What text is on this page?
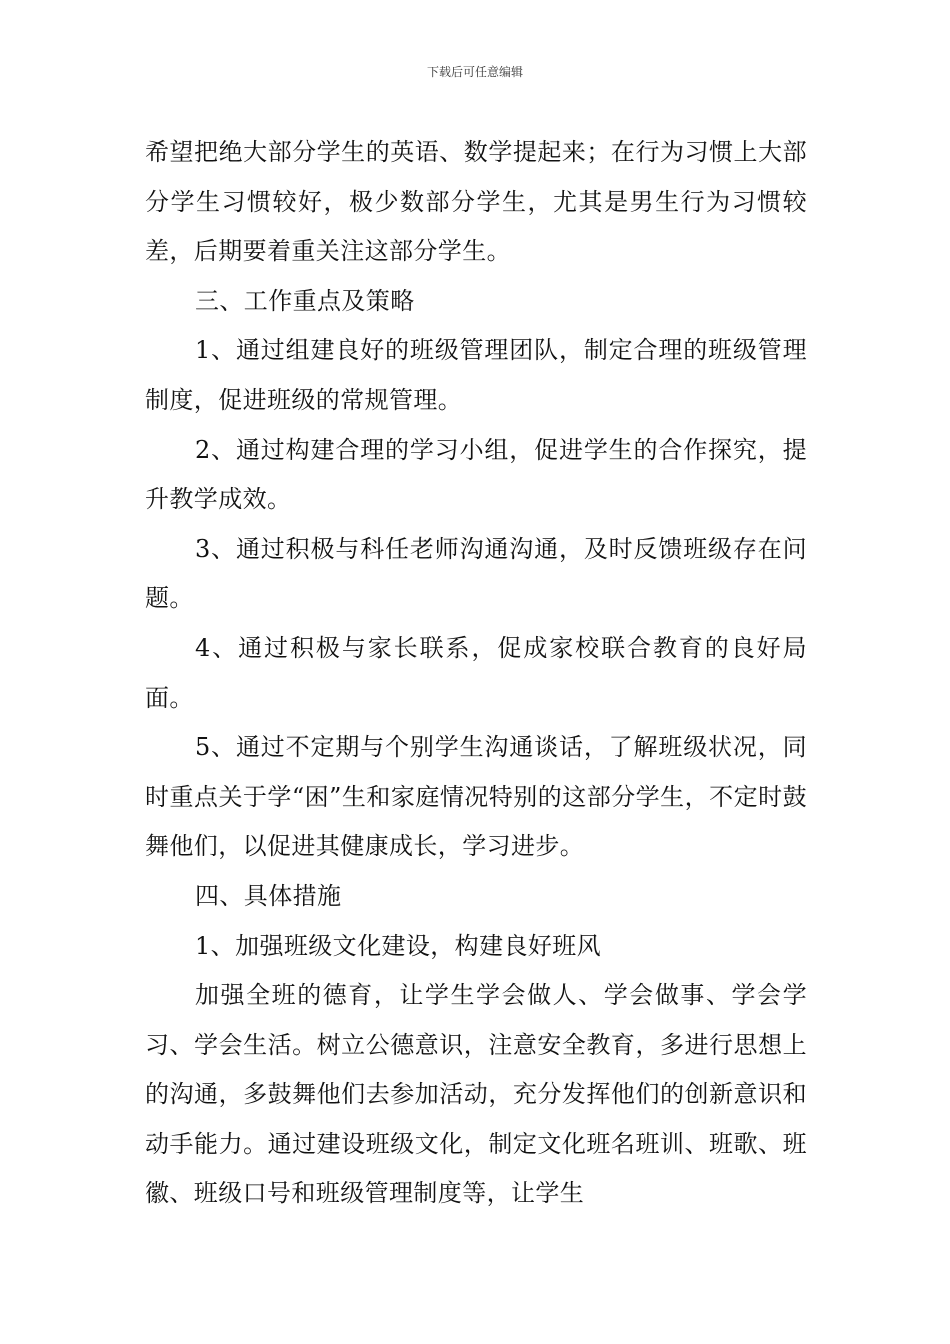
下载后可任意编辑

希望把绝大部分学生的英语、数学提起来；在行为习惯上大部分学生习惯较好，极少数部分学生，尤其是男生行为习惯较差，后期要着重关注这部分学生。

三、工作重点及策略

1、通过组建良好的班级管理团队，制定合理的班级管理制度，促进班级的常规管理。

2、通过构建合理的学习小组，促进学生的合作探究，提升教学成效。

3、通过积极与科任老师沟通沟通，及时反馈班级存在问题。

4、通过积极与家长联系，促成家校联合教育的良好局面。

5、通过不定期与个别学生沟通谈话，了解班级状况，同时重点关于学“困”生和家庭情况特别的这部分学生，不定时鼓舞他们，以促进其健康成长，学习进步。

四、具体措施

1、加强班级文化建设，构建良好班风

加强全班的德育，让学生学会做人、学会做事、学会学习、学会生活。树立公德意识，注意安全教育，多进行思想上的沟通，多鼓舞他们去参加活动，充分发挥他们的创新意识和动手能力。通过建设班级文化，制定文化班名班训、班歌、班徽、班级口号和班级管理制度等，让学生
